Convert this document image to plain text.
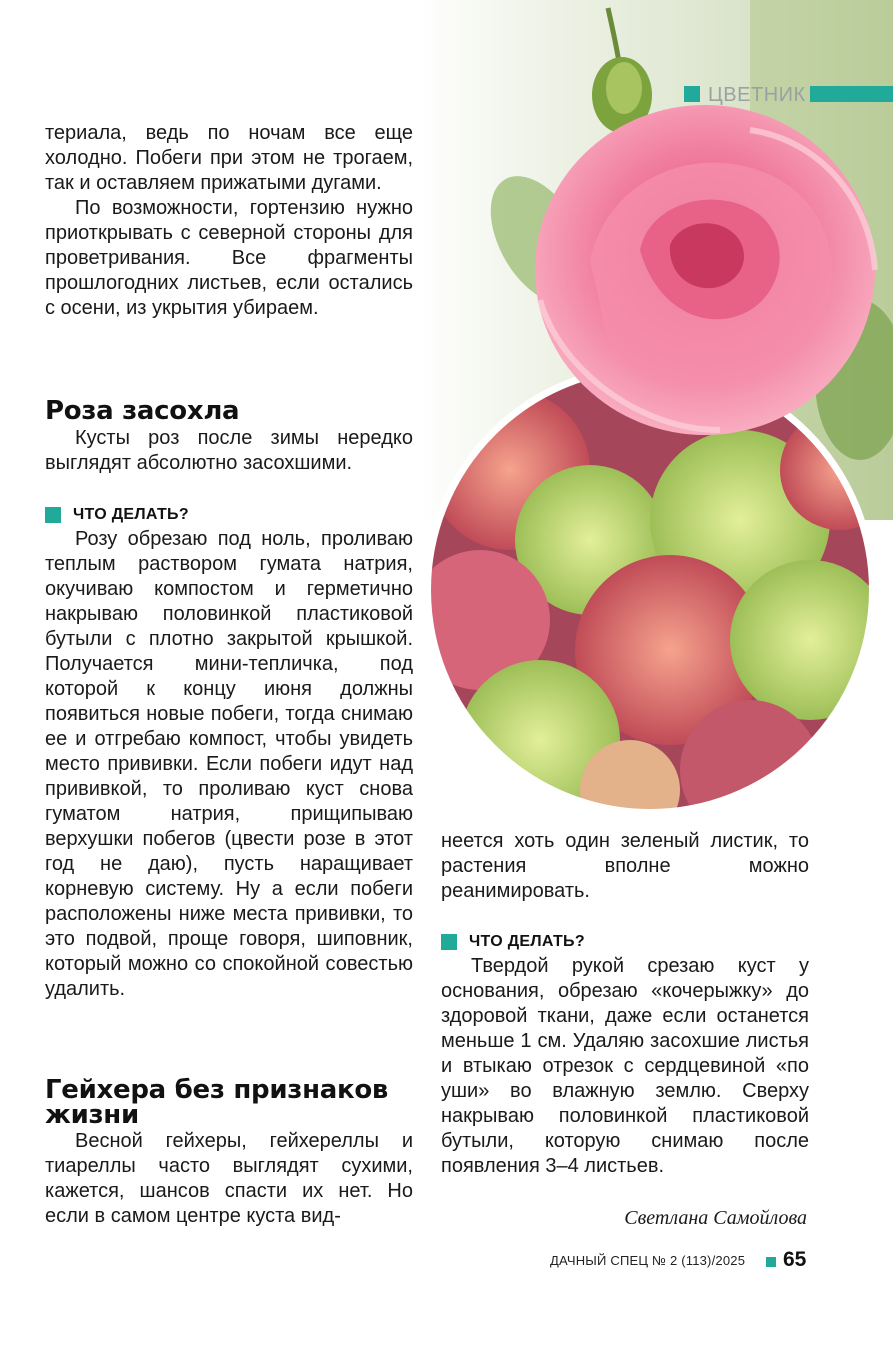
ЦВЕТНИК

териала, ведь по ночам все еще холодно. Побеги при этом не трогаем, так и оставляем прижатыми дугами.

По возможности, гортензию нужно приоткрывать с северной стороны для проветривания. Все фрагменты прошлогодних листьев, если остались с осени, из укрытия убираем.

Роза засохла

Кусты роз после зимы нередко выглядят абсолютно засохшими.

ЧТО ДЕЛАТЬ?

Розу обрезаю под ноль, проливаю теплым раствором гумата натрия, окучиваю компостом и герметично накрываю половинкой пластиковой бутыли с плотно закрытой крышкой. Получается мини-тепличка, под которой к концу июня должны появиться новые побеги, тогда снимаю ее и отгребаю компост, чтобы увидеть место прививки. Если побеги идут над прививкой, то проливаю куст снова гуматом натрия, прищипываю верхушки побегов (цвести розе в этот год не даю), пусть наращивает корневую систему. Ну а если побеги расположены ниже места прививки, то это подвой, проще говоря, шиповник, который можно со спокойной совестью удалить.

Гейхера без признаков жизни

Весной гейхеры, гейхереллы и тиареллы часто выглядят сухими, кажется, шансов спасти их нет. Но если в самом центре куста вид-

неется хоть один зеленый листик, то растения вполне можно реанимировать.

ЧТО ДЕЛАТЬ?

Твердой рукой срезаю куст у основания, обрезаю «кочерыжку» до здоровой ткани, даже если останется меньше 1 см. Удаляю засохшие листья и втыкаю отрезок с сердцевиной «по уши» во влажную землю. Сверху накрываю половинкой пластиковой бутыли, которую снимаю после появления 3–4 листьев.

Светлана Самойлова
ДАЧНЫЙ СПЕЦ № 2 (113)/2025 65
